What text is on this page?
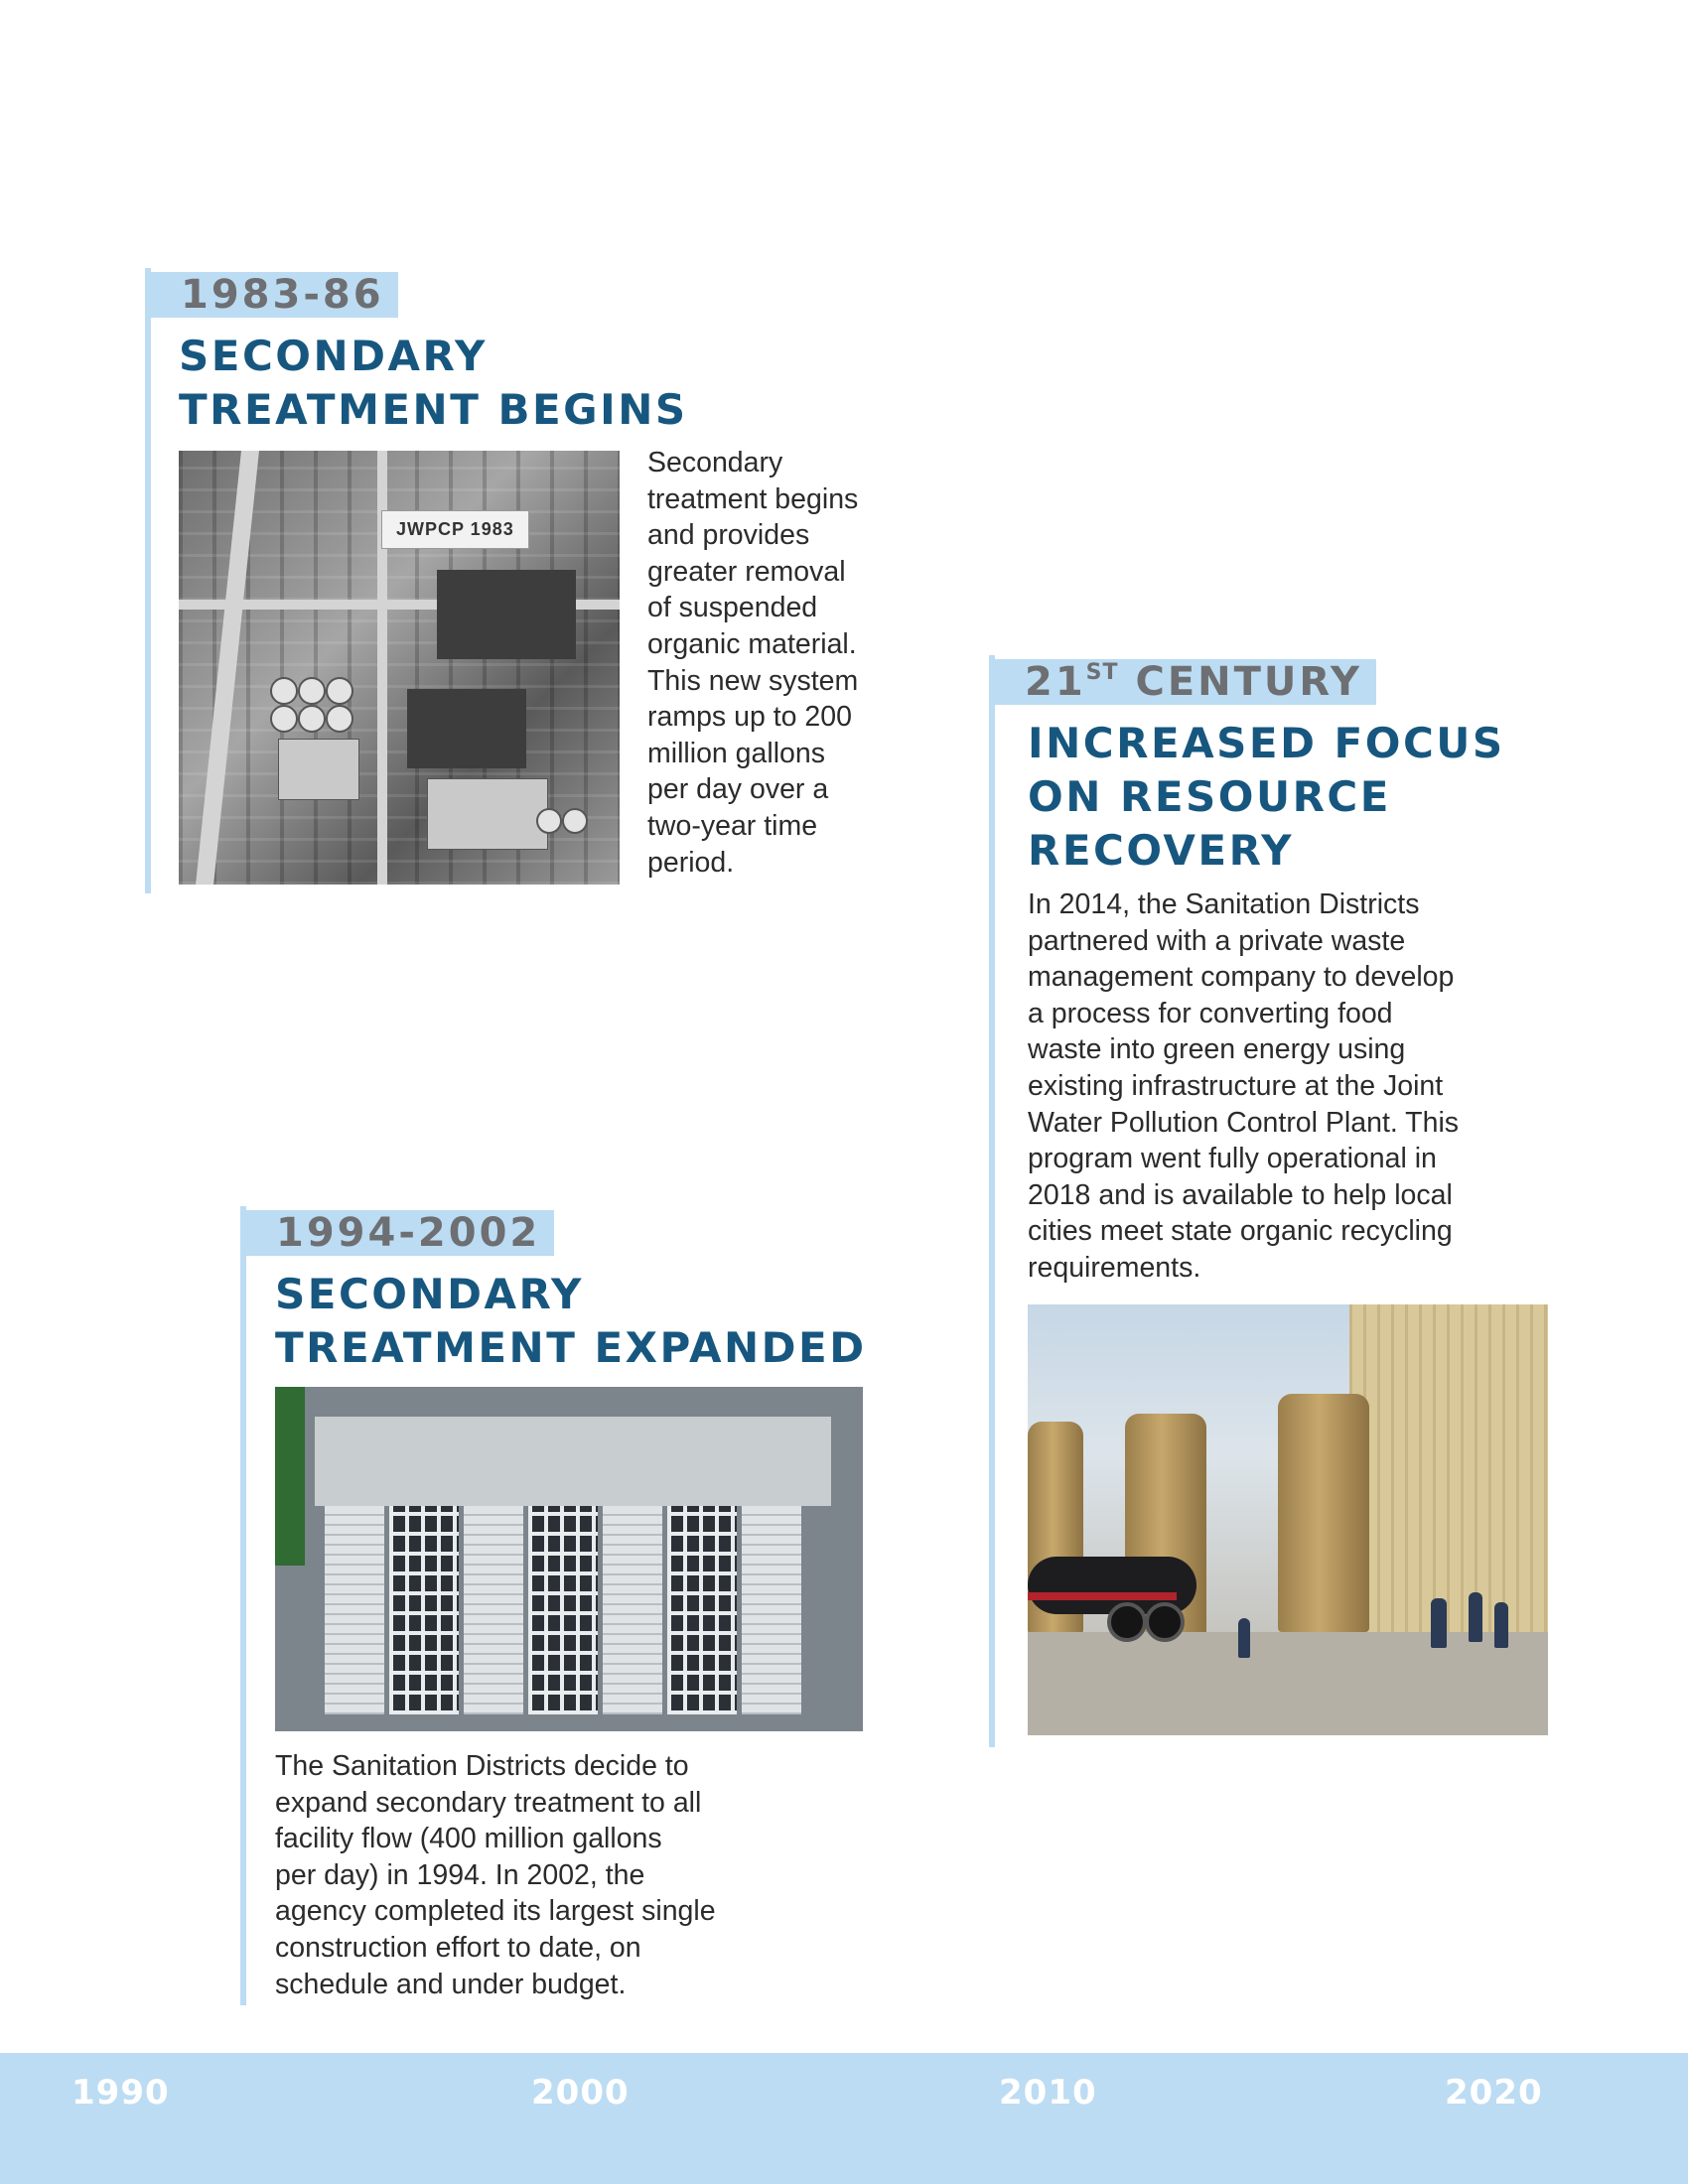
1983-86
SECONDARY
TREATMENT BEGINS
JWPCP 1983
Secondary
treatment begins
and provides
greater removal
of suspended
organic material.
This new system
ramps up to 200
million gallons
per day over a
two-year time
period.
21ST CENTURY
INCREASED FOCUS
ON RESOURCE
RECOVERY
In 2014, the Sanitation Districts
partnered with a private waste
management company to develop
a process for converting food
waste into green energy using
existing infrastructure at the Joint
Water Pollution Control Plant. This
program went fully operational in
2018 and is available to help local
cities meet state organic recycling
requirements.
1994-2002
SECONDARY
TREATMENT EXPANDED
The Sanitation Districts decide to
expand secondary treatment to all
facility flow (400 million gallons
per day) in 1994. In 2002, the
agency completed its largest single
construction effort to date, on
schedule and under budget.
1990	2000	2010	2020
